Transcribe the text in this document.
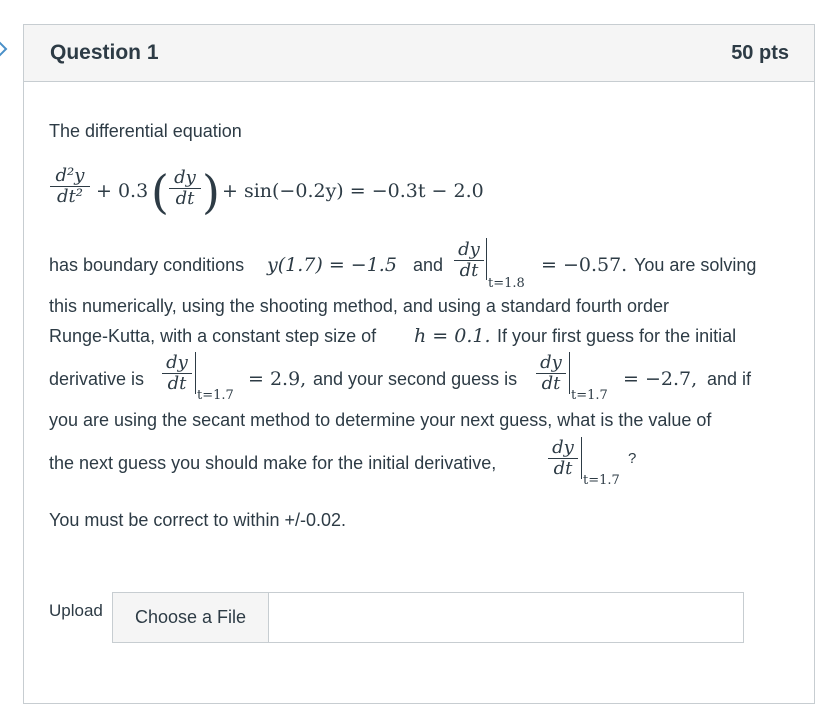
Question 1	50 pts
The differential equation
d²y
dt² + 0.3 ( dy
dt ) + sin(−0.2y) = −0.3t − 2.0
has boundary conditions y(1.7) = −1.5 and
dy
dt
t=1.8
= −0.57. You are solving
this numerically, using the shooting method, and using a standard fourth order
Runge-Kutta, with a constant step size of h = 0.1. If your first guess for the initial
derivative is
dy
dt
t=1.7
= 2.9, and your second guess is
dy
dt
t=1.7
= −2.7, and if
you are using the secant method to determine your next guess, what is the value of
the next guess you should make for the initial derivative,
dy
dt
t=1.7
?
You must be correct to within +/-0.02.
Upload	Choose a File
